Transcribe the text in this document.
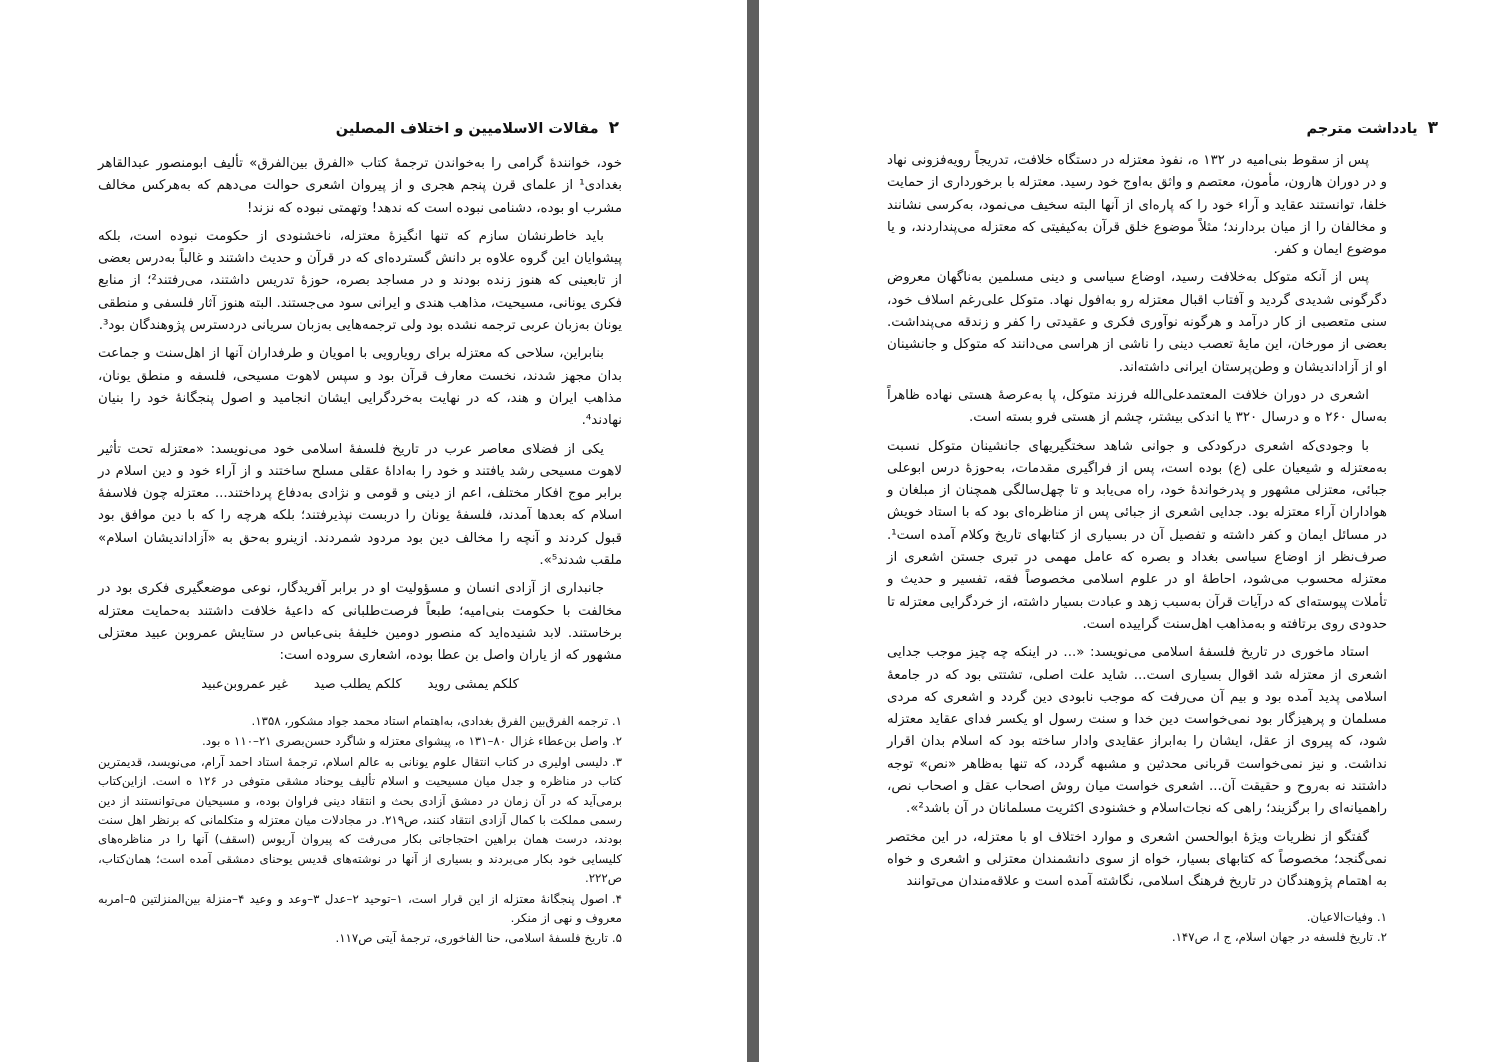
۲
مقالات الاسلاميين و اختلاف المصلين

خود، خوانندهٔ گرامی را به‌خواندن ترجمهٔ کتاب «الفرق بین‌الفرق» تألیف ابومنصور عبدالقاهر بغدادی¹ از علمای قرن پنجم هجری و از پیروان اشعری حوالت می‌دهم که به‌هرکس مخالف مشرب او بوده، دشنامی نبوده است که ندهد! وتهمتی نبوده که نزند!

باید خاطرنشان سازم که تنها انگیزهٔ معتزله، ناخشنودی از حکومت نبوده است، بلکه پیشوایان این گروه علاوه بر دانش گسترده‌ای که در قرآن و حدیث داشتند و غالباً به‌درس بعضی از تابعینی که هنوز زنده بودند و در مساجد بصره، حوزهٔ تدریس داشتند، می‌رفتند²؛ از منابع فکری یونانی، مسیحیت، مذاهب هندی و ایرانی سود می‌جستند. البته هنوز آثار فلسفی و منطقی یونان به‌زبان عربی ترجمه نشده بود ولی ترجمه‌هایی به‌زبان سریانی دردسترس پژوهندگان بود³.

بنابراین، سلاحی که معتزله برای رویارویی با امویان و طرفداران آنها از اهل‌سنت و جماعت بدان مجهز شدند، نخست معارف قرآن بود و سپس لاهوت مسیحی، فلسفه و منطق یونان، مذاهب ایران و هند، که در نهایت به‌خردگرایی ایشان انجامید و اصول پنجگانهٔ خود را بنیان نهادند⁴.

یکی از فضلای معاصر عرب در تاریخ فلسفهٔ اسلامی خود می‌نویسد: «معتزله تحت تأثیر لاهوت مسیحی رشد یافتند و خود را به‌اداهٔ عقلی مسلح ساختند و از آراء خود و دین اسلام در برابر موج افکار مختلف، اعم از دینی و قومی و نژادی به‌دفاع پرداختند... معتزله چون فلاسفهٔ اسلام که بعدها آمدند، فلسفهٔ یونان را دربست نپذیرفتند؛ بلکه هرچه را که با دین موافق بود قبول کردند و آنچه را مخالف دین بود مردود شمردند. ازینرو به‌حق به «آزاداندیشان اسلام» ملقب شدند⁵».

جانبداری از آزادی انسان و مسؤولیت او در برابر آفریدگار، نوعی موضعگیری فکری بود در مخالفت با حکومت بنی‌امیه؛ طبعاً فرصت‌طلبانی که داعیهٔ خلافت داشتند به‌حمایت معتزله برخاستند. لابد شنیده‌اید که منصور دومین خلیفهٔ بنی‌عباس در ستایش عمروبن عبید معتزلی مشهور که از یاران واصل بن عطا بوده، اشعاری سروده است:

کلکم یمشی روید
کلکم یطلب صید
غیر عمروبن‌عبید
۱.ترجمه الفرق‌بین الفرق بغدادی، به‌اهتمام استاد محمد جواد مشکور، ۱۳۵۸.
۲.واصل بن‌عطاء غزال ۸۰–۱۳۱ ه، پیشوای معتزله و شاگرد حسن‌بصری ۲۱–۱۱۰ ه بود.
۳.دلیسی اولیری در کتاب انتقال علوم یونانی به عالم اسلام، ترجمهٔ استاد احمد آرام، می‌نویسد، قدیمترین کتاب در مناظره و جدل میان مسیحیت و اسلام تألیف یوحناد مشقی متوفی در ۱۲۶ ه است. ازاین‌کتاب برمی‌آید که در آن زمان در دمشق آزادی بحث و انتقاد دینی فراوان بوده، و مسیحیان می‌توانستند از دین رسمی مملکت با کمال آزادی انتقاد کنند، ص۲۱۹. در مجادلات میان معتزله و متکلمانی که برنظر اهل سنت بودند، درست همان براهین احتجاجاتی بکار می‌رفت که پیروان آریوس (اسقف) آنها را در مناظره‌های کلیسایی خود بکار می‌بردند و بسیاری از آنها در نوشته‌های قدیس یوحنای دمشقی آمده است؛ همان‌کتاب، ص۲۲۲.
۴.اصول پنجگانهٔ معتزله از این قرار است، ۱–توحید ۲–عدل ۳–وعد و وعید ۴–منزلة بین‌المنزلتین ۵–امربه معروف و نهی از منکر.
۵.تاریخ فلسفهٔ اسلامی، حنا الفاخوری، ترجمهٔ آیتی ص۱۱۷.
۳
یادداشت مترجم

پس از سقوط بنی‌امیه در ۱۳۲ ه، نفوذ معتزله در دستگاه خلافت، تدریجاً رویه‌فزونی نهاد و در دوران هارون، مأمون، معتصم و واثق به‌اوج خود رسید. معتزله با برخورداری از حمایت خلفا، توانستند عقاید و آراء خود را که پاره‌ای از آنها البته سخیف می‌نمود، به‌کرسی نشانند و مخالفان را از میان بردارند؛ مثلاً موضوع خلق قرآن به‌کیفیتی که معتزله می‌پنداردند، و یا موضوع ایمان و کفر.

پس از آنکه متوکل به‌خلافت رسید، اوضاع سیاسی و دینی مسلمین به‌ناگهان معروض دگرگونی شدیدی گردید و آفتاب اقبال معتزله رو به‌افول نهاد. متوکل علی‌رغم اسلاف خود، سنی متعصبی از کار درآمد و هرگونه نوآوری فکری و عقیدتی را کفر و زندقه می‌پنداشت. بعضی از مورخان، این مایهٔ تعصب دینی را ناشی از هراسی می‌دانند که متوکل و جانشینان او از آزاداندیشان و وطن‌پرستان ایرانی داشته‌اند.

اشعری در دوران خلافت المعتمدعلی‌الله فرزند متوکل، پا به‌عرصهٔ هستی نهاده ظاهراً به‌سال ۲۶۰ ه و درسال ۳۲۰ یا اندکی بیشتر، چشم از هستی فرو بسته است.

با وجودی‌که اشعری درکودکی و جوانی شاهد سختگیریهای جانشینان متوکل نسبت به‌معتزله و شیعیان علی (ع) بوده است، پس از فراگیری مقدمات، به‌حوزهٔ درس ابوعلی جبائی، معتزلی مشهور و پدرخواندهٔ خود، راه می‌یابد و تا چهل‌سالگی همچنان از مبلغان و هواداران آراء معتزله بود. جدایی اشعری از جبائی پس از مناظره‌ای بود که با استاد خویش در مسائل ایمان و کفر داشته و تفصیل آن در بسیاری از کتابهای تاریخ وکلام آمده است¹. صرف‌نظر از اوضاع سیاسی بغداد و بصره که عامل مهمی در تبری جستن اشعری از معتزله محسوب می‌شود، احاطهٔ او در علوم اسلامی مخصوصاً فقه، تفسیر و حدیث و تأملات پیوسته‌ای که درآیات قرآن به‌سبب زهد و عبادت بسیار داشته، از خردگرایی معتزله تا حدودی روی برتافته و به‌مذاهب اهل‌سنت گراییده است.

استاد ماخوری در تاریخ فلسفهٔ اسلامی می‌نویسد: «... در اینکه چه چیز موجب جدایی اشعری از معتزله شد اقوال بسیاری است... شاید علت اصلی، تشتتی بود که در جامعهٔ اسلامی پدید آمده بود و بیم آن می‌رفت که موجب نابودی دین گردد و اشعری که مردی مسلمان و پرهیزگار بود نمی‌خواست دین خدا و سنت رسول او یکسر فدای عقاید معتزله شود، که پیروی از عقل، ایشان را به‌ابراز عقایدی وادار ساخته بود که اسلام بدان اقرار نداشت. و نیز نمی‌خواست قربانی محدثین و مشبهه گردد، که تنها به‌ظاهر «نص» توجه داشتند نه به‌روح و حقیقت آن... اشعری خواست میان روش اصحاب عقل و اصحاب نص، راهمیانه‌ای را برگزیند؛ راهی که نجات‌اسلام و خشنودی اکثریت مسلمانان در آن باشد²».

گفتگو از نظریات ویژهٔ ابوالحسن اشعری و موارد اختلاف او با معتزله، در این مختصر نمی‌گنجد؛ مخصوصاً که کتابهای بسیار، خواه از سوی دانشمندان معتزلی و اشعری و خواه به اهتمام پژوهندگان در تاریخ فرهنگ اسلامی، نگاشته آمده است و علاقه‌مندان می‌توانند

۱.وفیات‌الاعیان.
۲.تاریخ فلسفه در جهان اسلام، ج ا، ص۱۴۷.
